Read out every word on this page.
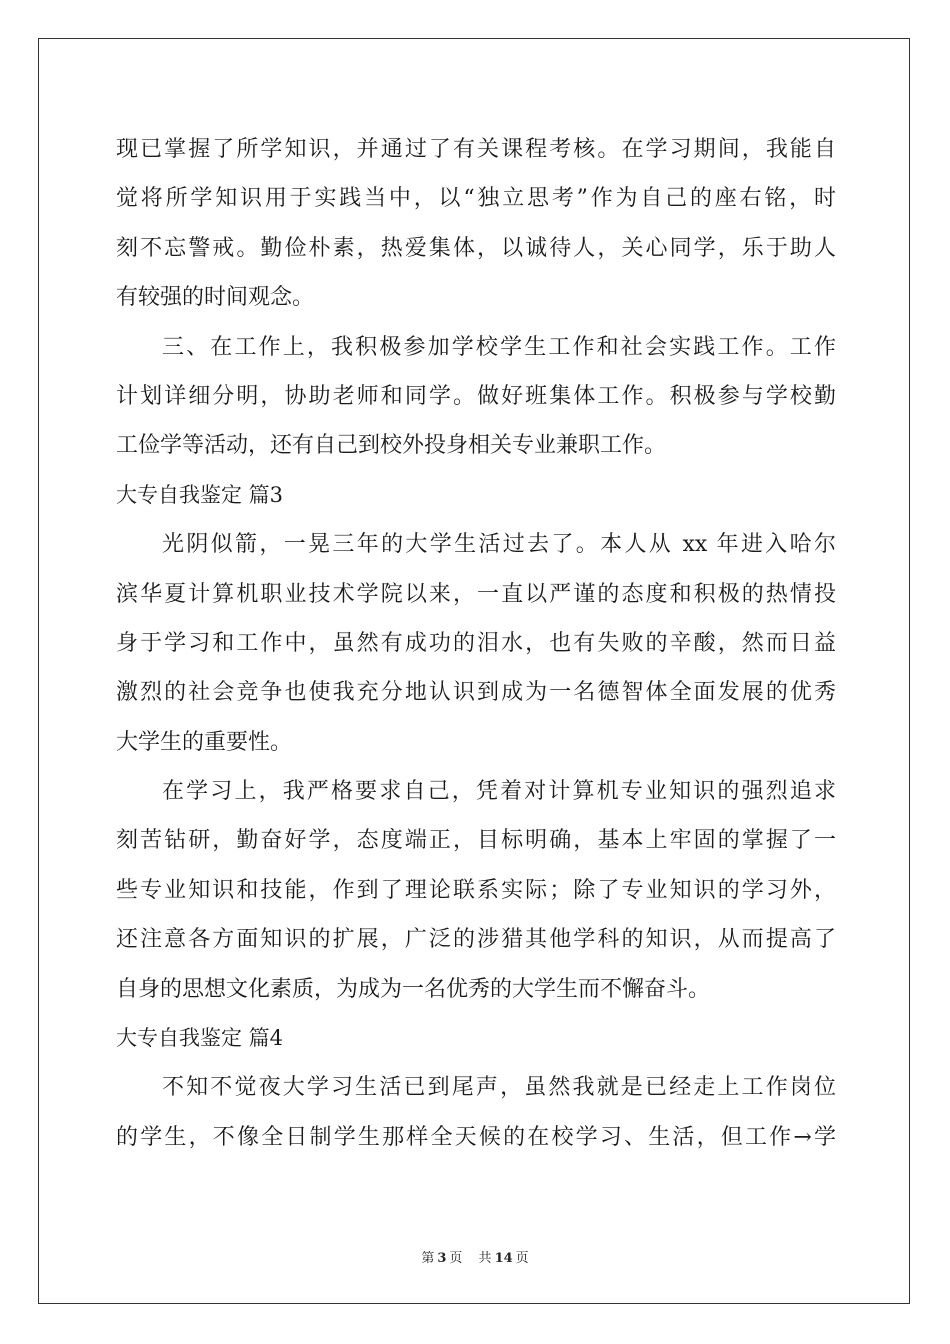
现已掌握了所学知识，并通过了有关课程考核。在学习期间，我能自
觉将所学知识用于实践当中，以“独立思考”作为自己的座右铭，时
刻不忘警戒。勤俭朴素，热爱集体，以诚待人，关心同学，乐于助人
有较强的时间观念。
三、在工作上，我积极参加学校学生工作和社会实践工作。工作
计划详细分明，协助老师和同学。做好班集体工作。积极参与学校勤
工俭学等活动，还有自己到校外投身相关专业兼职工作。
大专自我鉴定 篇3
光阴似箭，一晃三年的大学生活过去了。本人从 xx 年进入哈尔
滨华夏计算机职业技术学院以来，一直以严谨的态度和积极的热情投
身于学习和工作中，虽然有成功的泪水，也有失败的辛酸，然而日益
激烈的社会竞争也使我充分地认识到成为一名德智体全面发展的优秀
大学生的重要性。
在学习上，我严格要求自己，凭着对计算机专业知识的强烈追求
刻苦钻研，勤奋好学，态度端正，目标明确，基本上牢固的掌握了一
些专业知识和技能，作到了理论联系实际；除了专业知识的学习外，
还注意各方面知识的扩展，广泛的涉猎其他学科的知识，从而提高了
自身的思想文化素质，为成为一名优秀的大学生而不懈奋斗。
大专自我鉴定 篇4
不知不觉夜大学习生活已到尾声，虽然我就是已经走上工作岗位
的学生，不像全日制学生那样全天候的在校学习、生活，但工作→学
第 3 页 共 14 页
